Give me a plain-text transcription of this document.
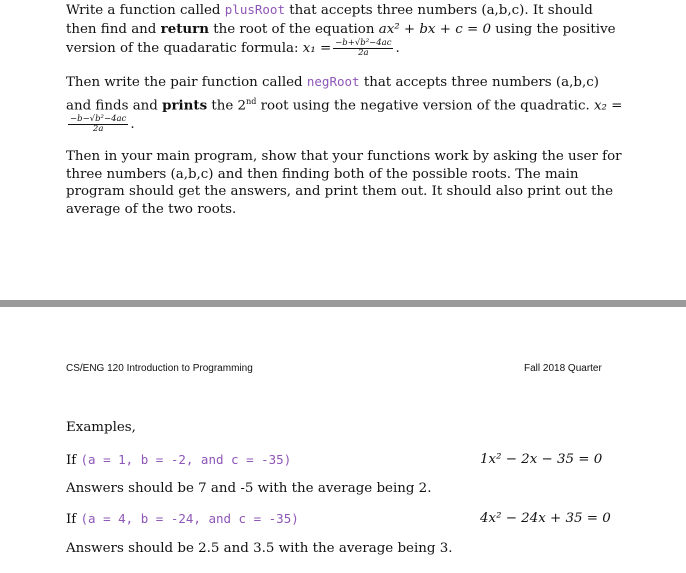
Write a function called plusRoot that accepts three numbers (a,b,c). It should then find and return the root of the equation ax² + bx + c = 0 using the positive version of the quadaratic formula: $x_1 = \frac{\text{−b+√b²−4ac}}{2a}$ .

Then write the pair function called negRoot that accepts three numbers (a,b,c) and finds and prints the 2nd root using the negative version of the quadratic. x₂ =
$\frac{\text{−b−√b²−4ac}}{2a}$ .

Then in your main program, show that your functions work by asking the user for three numbers (a,b,c) and then finding both of the possible roots. The main program should get the answers, and print them out. It should also print out the average of the two roots.

CS/ENG 120 Introduction to Programming	Fall 2018 Quarter
Examples,
If (a = 1, b = -2, and c = -35)	1x² − 2x − 35 = 0
Answers should be 7 and -5 with the average being 2.
If (a = 4, b = -24, and c = -35)	4x² − 24x + 35 = 0
Answers should be 2.5 and 3.5 with the average being 3.
